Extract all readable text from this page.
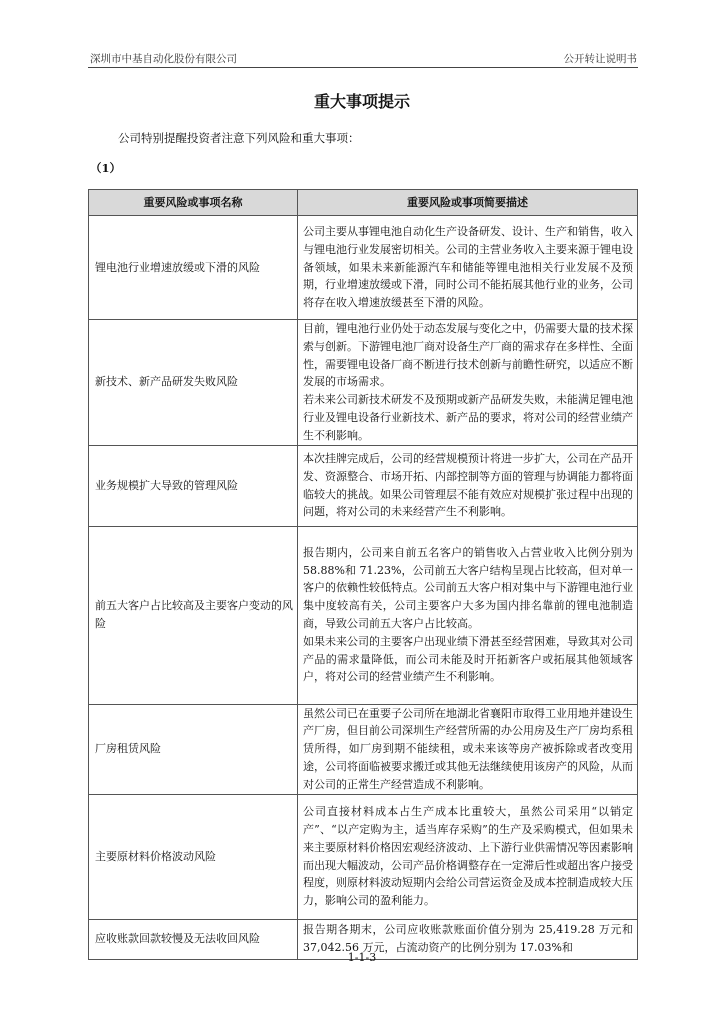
深圳市中基自动化股份有限公司	公开转让说明书
重大事项提示
公司特别提醒投资者注意下列风险和重大事项：
（1）
重要风险或事项名称	重要风险或事项简要描述
锂电池行业增速放缓或下滑的风险	公司主要从事锂电池自动化生产设备研发、设计、生产和销售，收入与锂电池行业发展密切相关。公司的主营业务收入主要来源于锂电设备领域，如果未来新能源汽车和储能等锂电池相关行业发展不及预期，行业增速放缓或下滑，同时公司不能拓展其他行业的业务，公司将存在收入增速放缓甚至下滑的风险。

新技术、新产品研发失败风险	目前，锂电池行业仍处于动态发展与变化之中，仍需要大量的技术探索与创新。下游锂电池厂商对设备生产厂商的需求存在多样性、全面性，需要锂电设备厂商不断进行技术创新与前瞻性研究，以适应不断发展的市场需求。

若未来公司新技术研发不及预期或新产品研发失败，未能满足锂电池行业及锂电设备行业新技术、新产品的要求，将对公司的经营业绩产生不利影响。

业务规模扩大导致的管理风险	本次挂牌完成后，公司的经营规模预计将进一步扩大，公司在产品开发、资源整合、市场开拓、内部控制等方面的管理与协调能力都将面临较大的挑战。如果公司管理层不能有效应对规模扩张过程中出现的问题，将对公司的未来经营产生不利影响。

前五大客户占比较高及主要客户变动的风险	报告期内，公司来自前五名客户的销售收入占营业收入比例分别为 58.88%和 71.23%，公司前五大客户结构呈现占比较高，但对单一客户的依赖性较低特点。公司前五大客户相对集中与下游锂电池行业集中度较高有关，公司主要客户大多为国内排名靠前的锂电池制造商，导致公司前五大客户占比较高。

如果未来公司的主要客户出现业绩下滑甚至经营困难，导致其对公司产品的需求量降低，而公司未能及时开拓新客户或拓展其他领域客户，将对公司的经营业绩产生不利影响。

厂房租赁风险	虽然公司已在重要子公司所在地湖北省襄阳市取得工业用地并建设生产厂房，但目前公司深圳生产经营所需的办公用房及生产厂房均系租赁所得，如厂房到期不能续租，或未来该等房产被拆除或者改变用途，公司将面临被要求搬迁或其他无法继续使用该房产的风险，从而对公司的正常生产经营造成不利影响。

主要原材料价格波动风险	公司直接材料成本占生产成本比重较大，虽然公司采用“以销定产”、“以产定购为主，适当库存采购”的生产及采购模式，但如果未来主要原材料价格因宏观经济波动、上下游行业供需情况等因素影响而出现大幅波动，公司产品价格调整存在一定滞后性或超出客户接受程度，则原材料波动短期内会给公司营运资金及成本控制造成较大压力，影响公司的盈利能力。

应收账款回款较慢及无法收回风险	报告期各期末，公司应收账款账面价值分别为 25,419.28 万元和 37,042.56 万元，占流动资产的比例分别为 17.03%和

1-1-3
